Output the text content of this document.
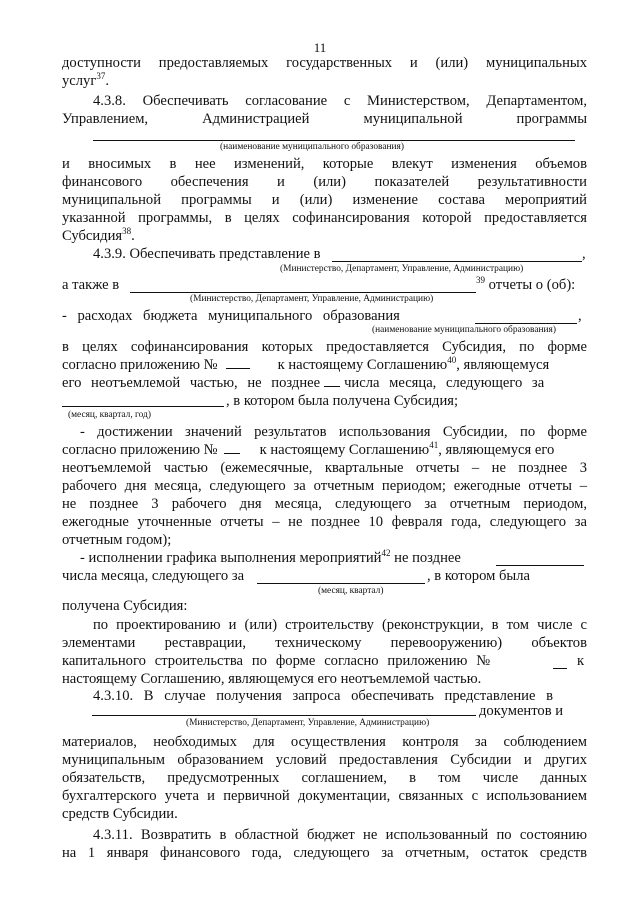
11
доступности предоставляемых государственных и (или) муниципальных
услуг$^{37}$.
4.3.8. Обеспечивать согласование с Министерством, Департаментом,
Управлением, Администрацией муниципальной программы
(наименование муниципального образования)
и вносимых в нее изменений, которые влекут изменения объемов
финансового обеспечения и (или) показателей результативности
муниципальной программы и (или) изменение состава мероприятий
указанной программы, в целях софинансирования которой предоставляется
Субсидия$^{38}$.
4.3.9. Обеспечивать представление в	,
(Министерство, Департамент, Управление, Администрацию)
а также в	$^{39}$ отчеты о (об):
(Министерство, Департамент, Управление, Администрацию)
- расходах бюджета муниципального образования	,
(наименование муниципального образования)
в целях софинансирования которых предоставляется Субсидия, по форме
согласно приложению №	к настоящему Соглашению$^{40}$, являющемуся
его неотъемлемой частью, не позднее числа месяца, следующего за
, в котором была получена Субсидия;
(месяц, квартал, год)
- достижении значений результатов использования Субсидии, по форме
согласно приложению №	к настоящему Соглашению$^{41}$, являющемуся его
неотъемлемой частью (ежемесячные, квартальные отчеты – не позднее 3
рабочего дня месяца, следующего за отчетным периодом; ежегодные отчеты –
не позднее 3 рабочего дня месяца, следующего за отчетным периодом,
ежегодные уточненные отчеты – не позднее 10 февраля года, следующего за
отчетным годом);
- исполнении графика выполнения мероприятий$^{42}$ не позднее
числа месяца, следующего за	, в котором была
(месяц, квартал)
получена Субсидия:
по проектированию и (или) строительству (реконструкции, в том числе с
элементами реставрации, техническому перевооружению) объектов
капитального строительства по форме согласно приложению №	к
настоящему Соглашению, являющемуся его неотъемлемой частью.
4.3.10. В случае получения запроса обеспечивать представление в
документов и
(Министерство, Департамент, Управление, Администрацию)
материалов, необходимых для осуществления контроля за соблюдением
муниципальным образованием условий предоставления Субсидии и других
обязательств, предусмотренных соглашением, в том числе данных
бухгалтерского учета и первичной документации, связанных с использованием
средств Субсидии.
4.3.11. Возвратить в областной бюджет не использованный по состоянию
на 1 января финансового года, следующего за отчетным, остаток средств
